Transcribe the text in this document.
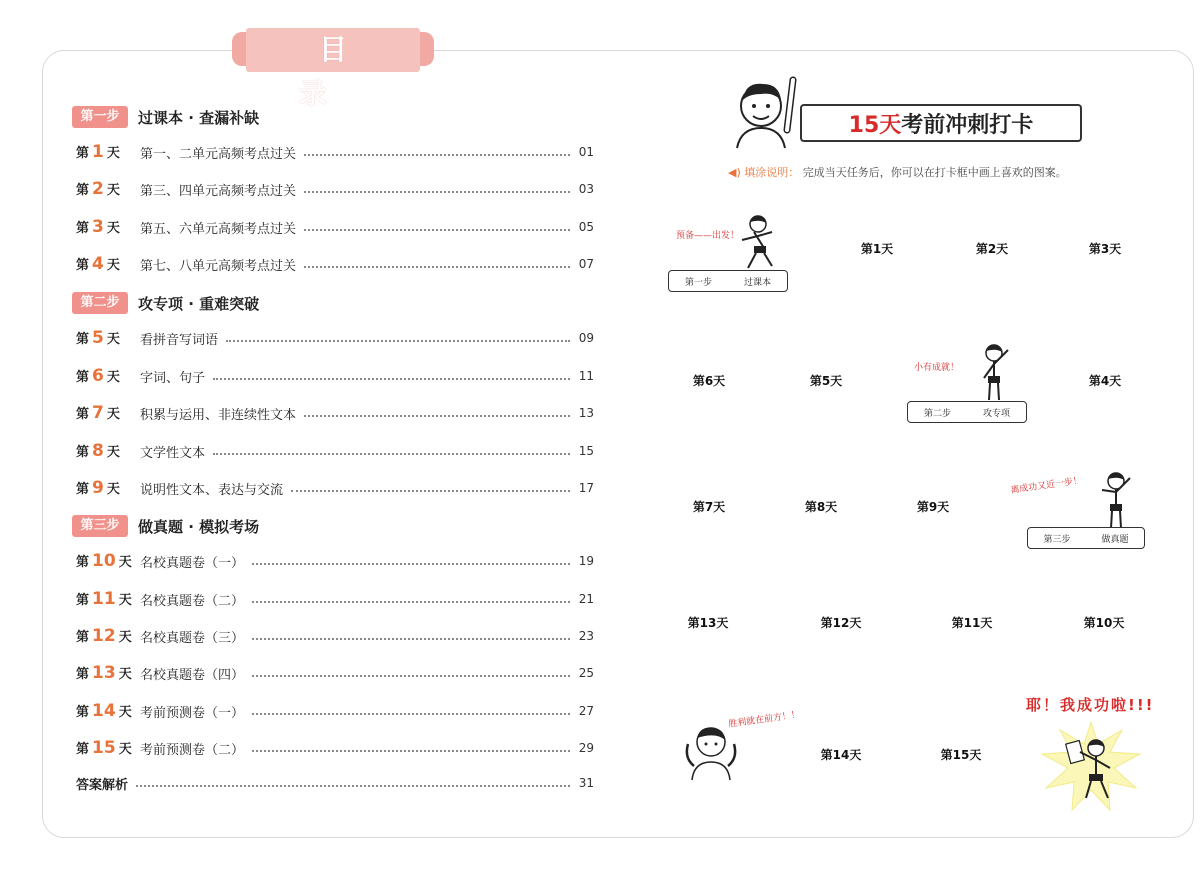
目录
第一步	过课本 · 查漏补缺
第二步	攻专项 · 重难突破
第三步	做真题 · 模拟考场
第 1 天	第一、二单元高频考点过关	01
第 2 天	第三、四单元高频考点过关	03
第 3 天	第五、六单元高频考点过关	05
第 4 天	第七、八单元高频考点过关	07
第 5 天	看拼音写词语	09
第 6 天	字词、句子	11
第 7 天	积累与运用、非连续性文本	13
第 8 天	文学性文本	15
第 9 天	说明性文本、表达与交流	17
第 10 天 名校真题卷（一）	19
第 11 天 名校真题卷（二）	21
第 12 天 名校真题卷（三）	23
第 13 天 名校真题卷（四）	25
第 14 天 考前预测卷（一）	27
第 15 天 考前预测卷（二）	29
答案解析	31
15天 考前冲刺打卡
◀) 填涂说明： 完成当天任务后，你可以在打卡框中画上喜欢的图案。
预备——出发！
第一步	过课本
小有成就！
第二步	攻专项
离成功又近一步！
第三步	做真题
胜利就在前方！！
耶！我成功啦!!!
第1天	第2天	第3天
第4天
第5天
第6天
第7天	第8天	第9天
第10天
第11天
第12天
第13天
第14天	第15天
